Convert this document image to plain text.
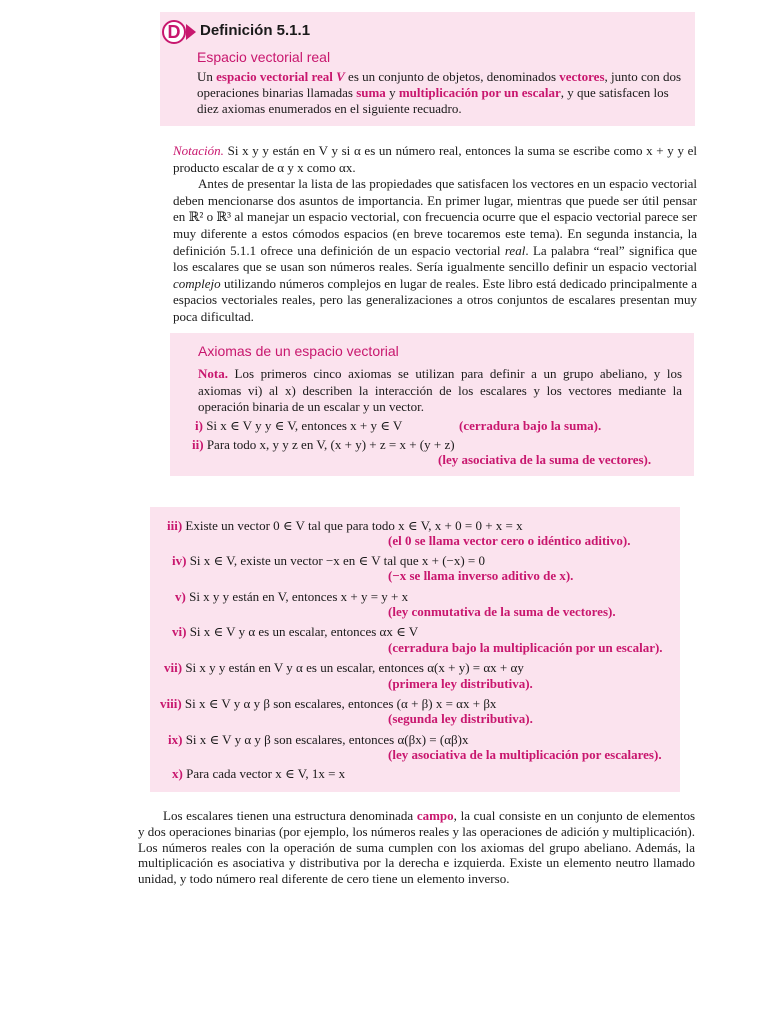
D Definición 5.1.1
Espacio vectorial real

Un espacio vectorial real V es un conjunto de objetos, denominados vectores, junto con dos operaciones binarias llamadas suma y multiplicación por un escalar, y que satisfacen los diez axiomas enumerados en el siguiente recuadro.

Notación. Si x y y están en V y si α es un número real, entonces la suma se escribe como x + y y el producto escalar de α y x como αx.

Antes de presentar la lista de las propiedades que satisfacen los vectores en un espacio vectorial deben mencionarse dos asuntos de importancia. En primer lugar, mientras que puede ser útil pensar en ℝ² o ℝ³ al manejar un espacio vectorial, con frecuencia ocurre que el espacio vectorial parece ser muy diferente a estos cómodos espacios (en breve tocaremos este tema). En segunda instancia, la definición 5.1.1 ofrece una definición de un espacio vectorial real. La palabra “real” significa que los escalares que se usan son números reales. Sería igualmente sencillo definir un espacio vectorial complejo utilizando números complejos en lugar de reales. Este libro está dedicado principalmente a espacios vectoriales reales, pero las generalizaciones a otros conjuntos de escalares presentan muy poca dificultad.

Axiomas de un espacio vectorial

Nota. Los primeros cinco axiomas se utilizan para definir a un grupo abeliano, y los axiomas vi) al x) describen la interacción de los escalares y los vectores mediante la operación binaria de un escalar y un vector.

i) Si x ∈ V y y ∈ V, entonces x + y ∈ V	(cerradura bajo la suma).
ii) Para todo x, y y z en V, (x + y) + z = x + (y + z)
(ley asociativa de la suma de vectores).
iii) Existe un vector 0 ∈ V tal que para todo x ∈ V, x + 0 = 0 + x = x
(el 0 se llama vector cero o idéntico aditivo).
iv) Si x ∈ V, existe un vector −x en ∈ V tal que x + (−x) = 0
(−x se llama inverso aditivo de x).
v) Si x y y están en V, entonces x + y = y + x
(ley conmutativa de la suma de vectores).
vi) Si x ∈ V y α es un escalar, entonces αx ∈ V
(cerradura bajo la multiplicación por un escalar).
vii) Si x y y están en V y α es un escalar, entonces α(x + y) = αx + αy
(primera ley distributiva).
viii) Si x ∈ V y α y β son escalares, entonces (α + β) x = αx + βx
(segunda ley distributiva).
ix) Si x ∈ V y α y β son escalares, entonces α(βx) = (αβ)x
(ley asociativa de la multiplicación por escalares).
x) Para cada vector x ∈ V, 1x = x

Los escalares tienen una estructura denominada campo, la cual consiste en un conjunto de elementos y dos operaciones binarias (por ejemplo, los números reales y las operaciones de adición y multiplicación). Los números reales con la operación de suma cumplen con los axiomas del grupo abeliano. Además, la multiplicación es asociativa y distributiva por la derecha e izquierda. Existe un elemento neutro llamado unidad, y todo número real diferente de cero tiene un elemento inverso.
